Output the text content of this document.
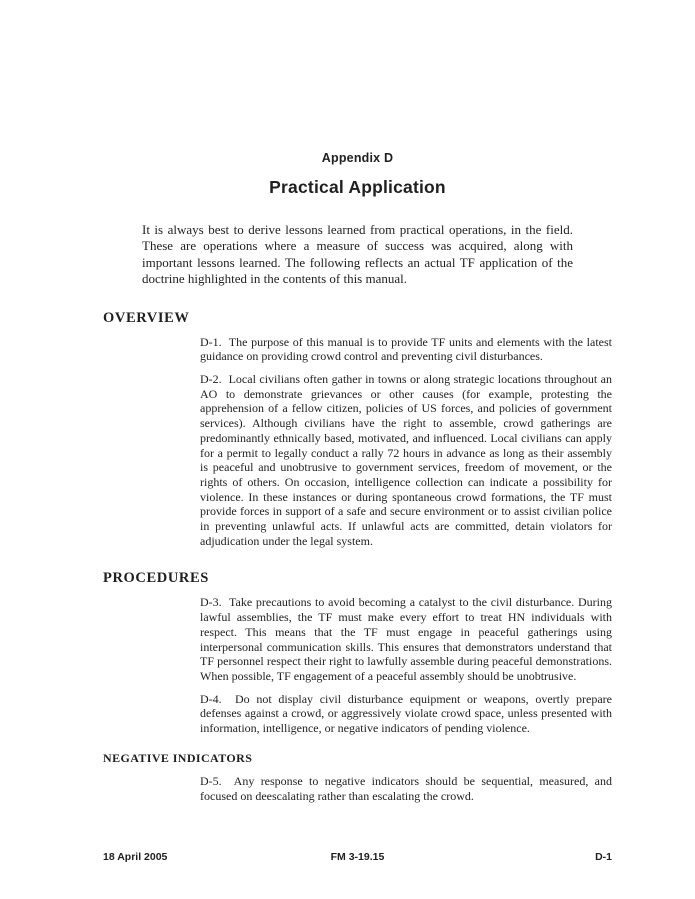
Appendix D
Practical Application
It is always best to derive lessons learned from practical operations, in the field. These are operations where a measure of success was acquired, along with important lessons learned. The following reflects an actual TF application of the doctrine highlighted in the contents of this manual.
OVERVIEW
D-1.  The purpose of this manual is to provide TF units and elements with the latest guidance on providing crowd control and preventing civil disturbances.
D-2.  Local civilians often gather in towns or along strategic locations throughout an AO to demonstrate grievances or other causes (for example, protesting the apprehension of a fellow citizen, policies of US forces, and policies of government services). Although civilians have the right to assemble, crowd gatherings are predominantly ethnically based, motivated, and influenced. Local civilians can apply for a permit to legally conduct a rally 72 hours in advance as long as their assembly is peaceful and unobtrusive to government services, freedom of movement, or the rights of others. On occasion, intelligence collection can indicate a possibility for violence. In these instances or during spontaneous crowd formations, the TF must provide forces in support of a safe and secure environment or to assist civilian police in preventing unlawful acts. If unlawful acts are committed, detain violators for adjudication under the legal system.
PROCEDURES
D-3.  Take precautions to avoid becoming a catalyst to the civil disturbance. During lawful assemblies, the TF must make every effort to treat HN individuals with respect. This means that the TF must engage in peaceful gatherings using interpersonal communication skills. This ensures that demonstrators understand that TF personnel respect their right to lawfully assemble during peaceful demonstrations. When possible, TF engagement of a peaceful assembly should be unobtrusive.
D-4.  Do not display civil disturbance equipment or weapons, overtly prepare defenses against a crowd, or aggressively violate crowd space, unless presented with information, intelligence, or negative indicators of pending violence.
NEGATIVE INDICATORS
D-5.  Any response to negative indicators should be sequential, measured, and focused on deescalating rather than escalating the crowd.
18 April 2005	FM 3-19.15	D-1
